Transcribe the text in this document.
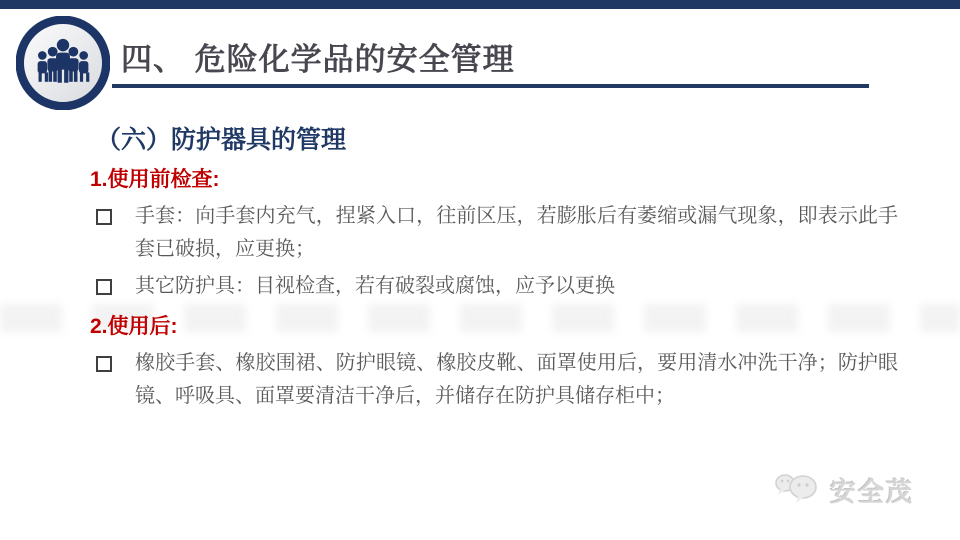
四、 危险化学品的安全管理
（六）防护器具的管理
1.使用前检查:
手套：向手套内充气，捏紧入口，往前区压，若膨胀后有萎缩或漏气现象，即表示此手套已破损，应更换；
其它防护具：目视检查，若有破裂或腐蚀，应予以更换
2.使用后:
橡胶手套、橡胶围裙、防护眼镜、橡胶皮靴、面罩使用后，要用清水冲洗干净；防护眼镜、呼吸具、面罩要清洁干净后，并储存在防护具储存柜中；
安全茂
